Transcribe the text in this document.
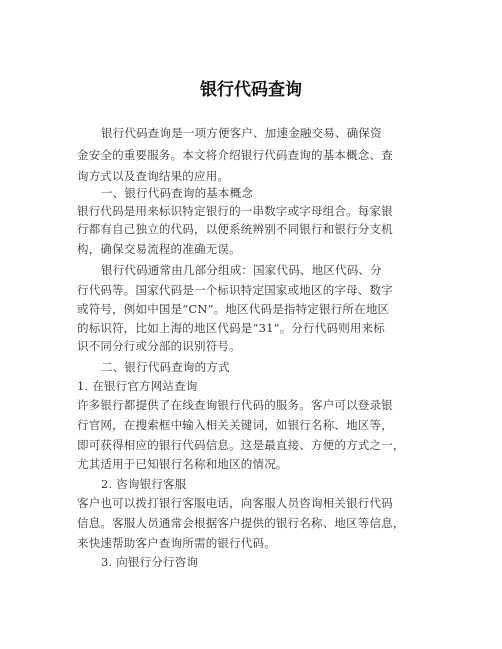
银行代码查询
银行代码查询是一项方便客户、加速金融交易、确保资
金安全的重要服务。本文将介绍银行代码查询的基本概念、查
询方式以及查询结果的应用。
一、银行代码查询的基本概念
银行代码是用来标识特定银行的一串数字或字母组合。每家银
行都有自己独立的代码，以便系统辨别不同银行和银行分支机
构，确保交易流程的准确无误。
银行代码通常由几部分组成：国家代码、地区代码、分
行代码等。国家代码是一个标识特定国家或地区的字母、数字
或符号，例如中国是“CN”。地区代码是指特定银行所在地区
的标识符，比如上海的地区代码是“31”。分行代码则用来标
识不同分行或分部的识别符号。
二、银行代码查询的方式
1. 在银行官方网站查询
许多银行都提供了在线查询银行代码的服务。客户可以登录银
行官网，在搜索框中输入相关关键词，如银行名称、地区等，
即可获得相应的银行代码信息。这是最直接、方便的方式之一，
尤其适用于已知银行名称和地区的情况。
2. 咨询银行客服
客户也可以拨打银行客服电话，向客服人员咨询相关银行代码
信息。客服人员通常会根据客户提供的银行名称、地区等信息，
来快速帮助客户查询所需的银行代码。
3. 向银行分行咨询
